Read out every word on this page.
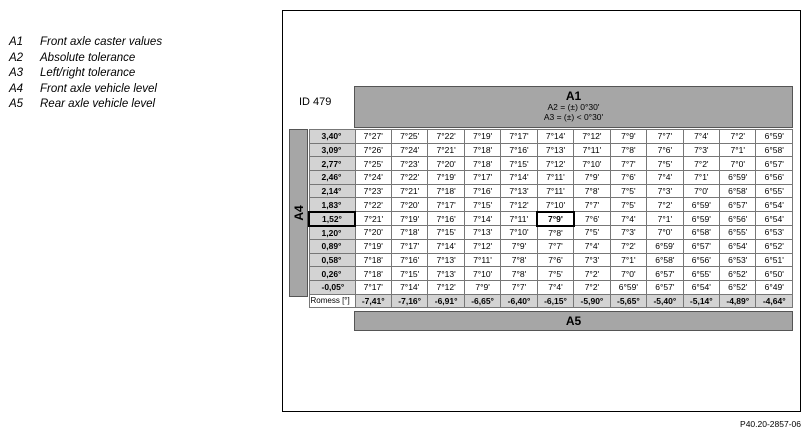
A1	Front axle caster values
A2	Absolute tolerance
A3	Left/right tolerance
A4	Front axle vehicle level
A5	Rear axle vehicle level	ID 479	A1
A2 = (±) 0°30'
A3 = (±) < 0°30'
A4
3,40°	7°27'	7°25'	7°22'	7°19'	7°17'	7°14'	7°12'	7°9'	7°7'	7°4'	7°2'	6°59'
3,09°	7°26'	7°24'	7°21'	7°18'	7°16'	7°13'	7°11'	7°8'	7°6'	7°3'	7°1'	6°58'
2,77°	7°25'	7°23'	7°20'	7°18'	7°15'	7°12'	7°10'	7°7'	7°5'	7°2'	7°0'	6°57'
2,46°	7°24'	7°22'	7°19'	7°17'	7°14'	7°11'	7°9'	7°6'	7°4'	7°1'	6°59'	6°56'
2,14°	7°23'	7°21'	7°18'	7°16'	7°13'	7°11'	7°8'	7°5'	7°3'	7°0'	6°58'	6°55'
1,83°	7°22'	7°20'	7°17'	7°15'	7°12'	7°10'	7°7'	7°5'	7°2'	6°59'	6°57'	6°54'
1,52°	7°21'	7°19'	7°16'	7°14'	7°11'	7°9'	7°6'	7°4'	7°1'	6°59'	6°56'	6°54'
1,20°	7°20'	7°18'	7°15'	7°13'	7°10'	7°8'	7°5'	7°3'	7°0'	6°58'	6°55'	6°53'
0,89°	7°19'	7°17'	7°14'	7°12'	7°9'	7°7'	7°4'	7°2'	6°59'	6°57'	6°54'	6°52'
0,58°	7°18'	7°16'	7°13'	7°11'	7°8'	7°6'	7°3'	7°1'	6°58'	6°56'	6°53'	6°51'
0,26°	7°18'	7°15'	7°13'	7°10'	7°8'	7°5'	7°2'	7°0'	6°57'	6°55'	6°52'	6°50'
-0,05°	7°17'	7°14'	7°12'	7°9'	7°7'	7°4'	7°2'	6°59'	6°57'	6°54'	6°52'	6°49'
Romess [°]	-7,41°	-7,16°	-6,91°	-6,65°	-6,40°	-6,15°	-5,90°	-5,65°	-5,40°	-5,14°	-4,89°	-4,64°
A5
P40.20-2857-06
